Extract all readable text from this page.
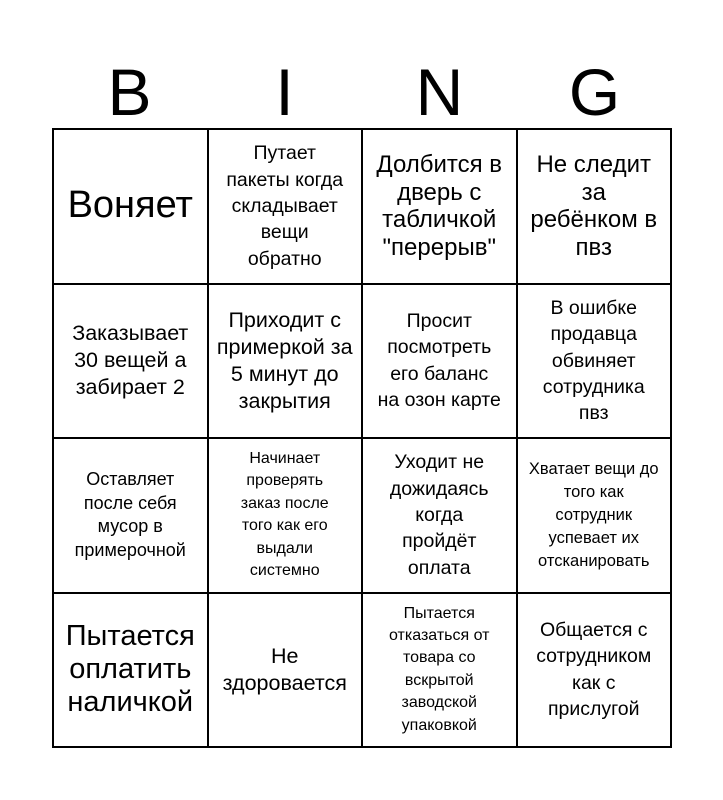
B	I	N	G
Воняет
Путает пакеты когда складывает вещи обратно
Долбится в дверь с табличкой "перерыв"
Не следит за ребёнком в пвз
Заказывает 30 вещей а забирает 2
Приходит с примеркой за 5 минут до закрытия
Просит посмотреть его баланс на озон карте
В ошибке продавца обвиняет сотрудника пвз
Оставляет после себя мусор в примерочной
Начинает проверять заказ после того как его выдали системно
Уходит не дожидаясь когда пройдёт оплата
Хватает вещи до того как сотрудник успевает их отсканировать
Пытается оплатить наличкой
Не здоровается
Пытается отказаться от товара со вскрытой заводской упаковкой
Общается с сотрудником как с прислугой
